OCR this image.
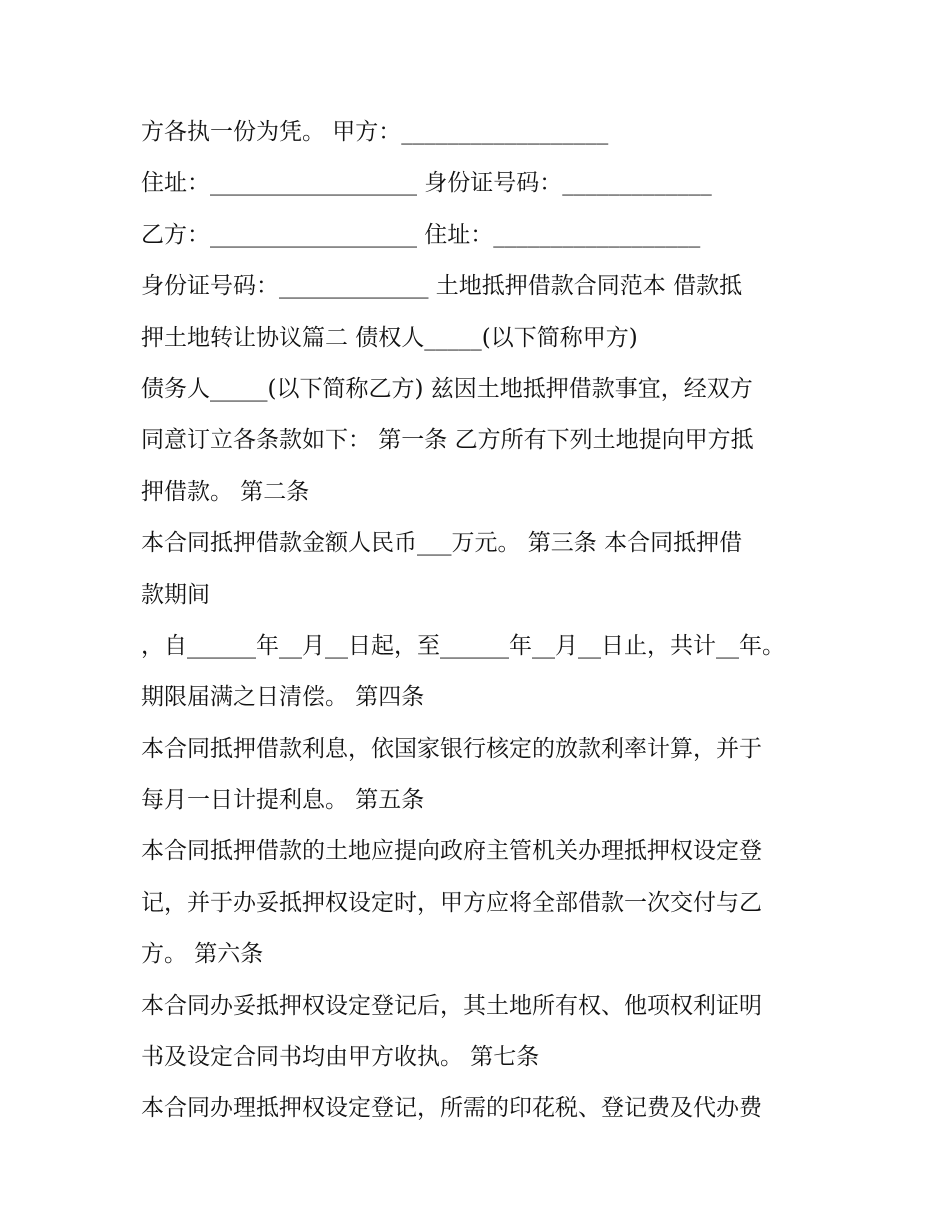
方各执一份为凭。 甲方：__________________
住址：__________________ 身份证号码：_____________
乙方：__________________ 住址：__________________
身份证号码：_____________ 土地抵押借款合同范本 借款抵
押土地转让协议篇二 债权人_____(以下简称甲方)
债务人_____(以下简称乙方) 兹因土地抵押借款事宜，经双方
同意订立各条款如下： 第一条 乙方所有下列土地提向甲方抵
押借款。 第二条
本合同抵押借款金额人民币___万元。 第三条 本合同抵押借
款期间
，自______年__月__日起，至______年__月__日止，共计__年。
期限届满之日清偿。 第四条
本合同抵押借款利息，依国家银行核定的放款利率计算，并于
每月一日计提利息。 第五条
本合同抵押借款的土地应提向政府主管机关办理抵押权设定登
记，并于办妥抵押权设定时，甲方应将全部借款一次交付与乙
方。 第六条
本合同办妥抵押权设定登记后，其土地所有权、他项权利证明
书及设定合同书均由甲方收执。 第七条
本合同办理抵押权设定登记，所需的印花税、登记费及代办费
